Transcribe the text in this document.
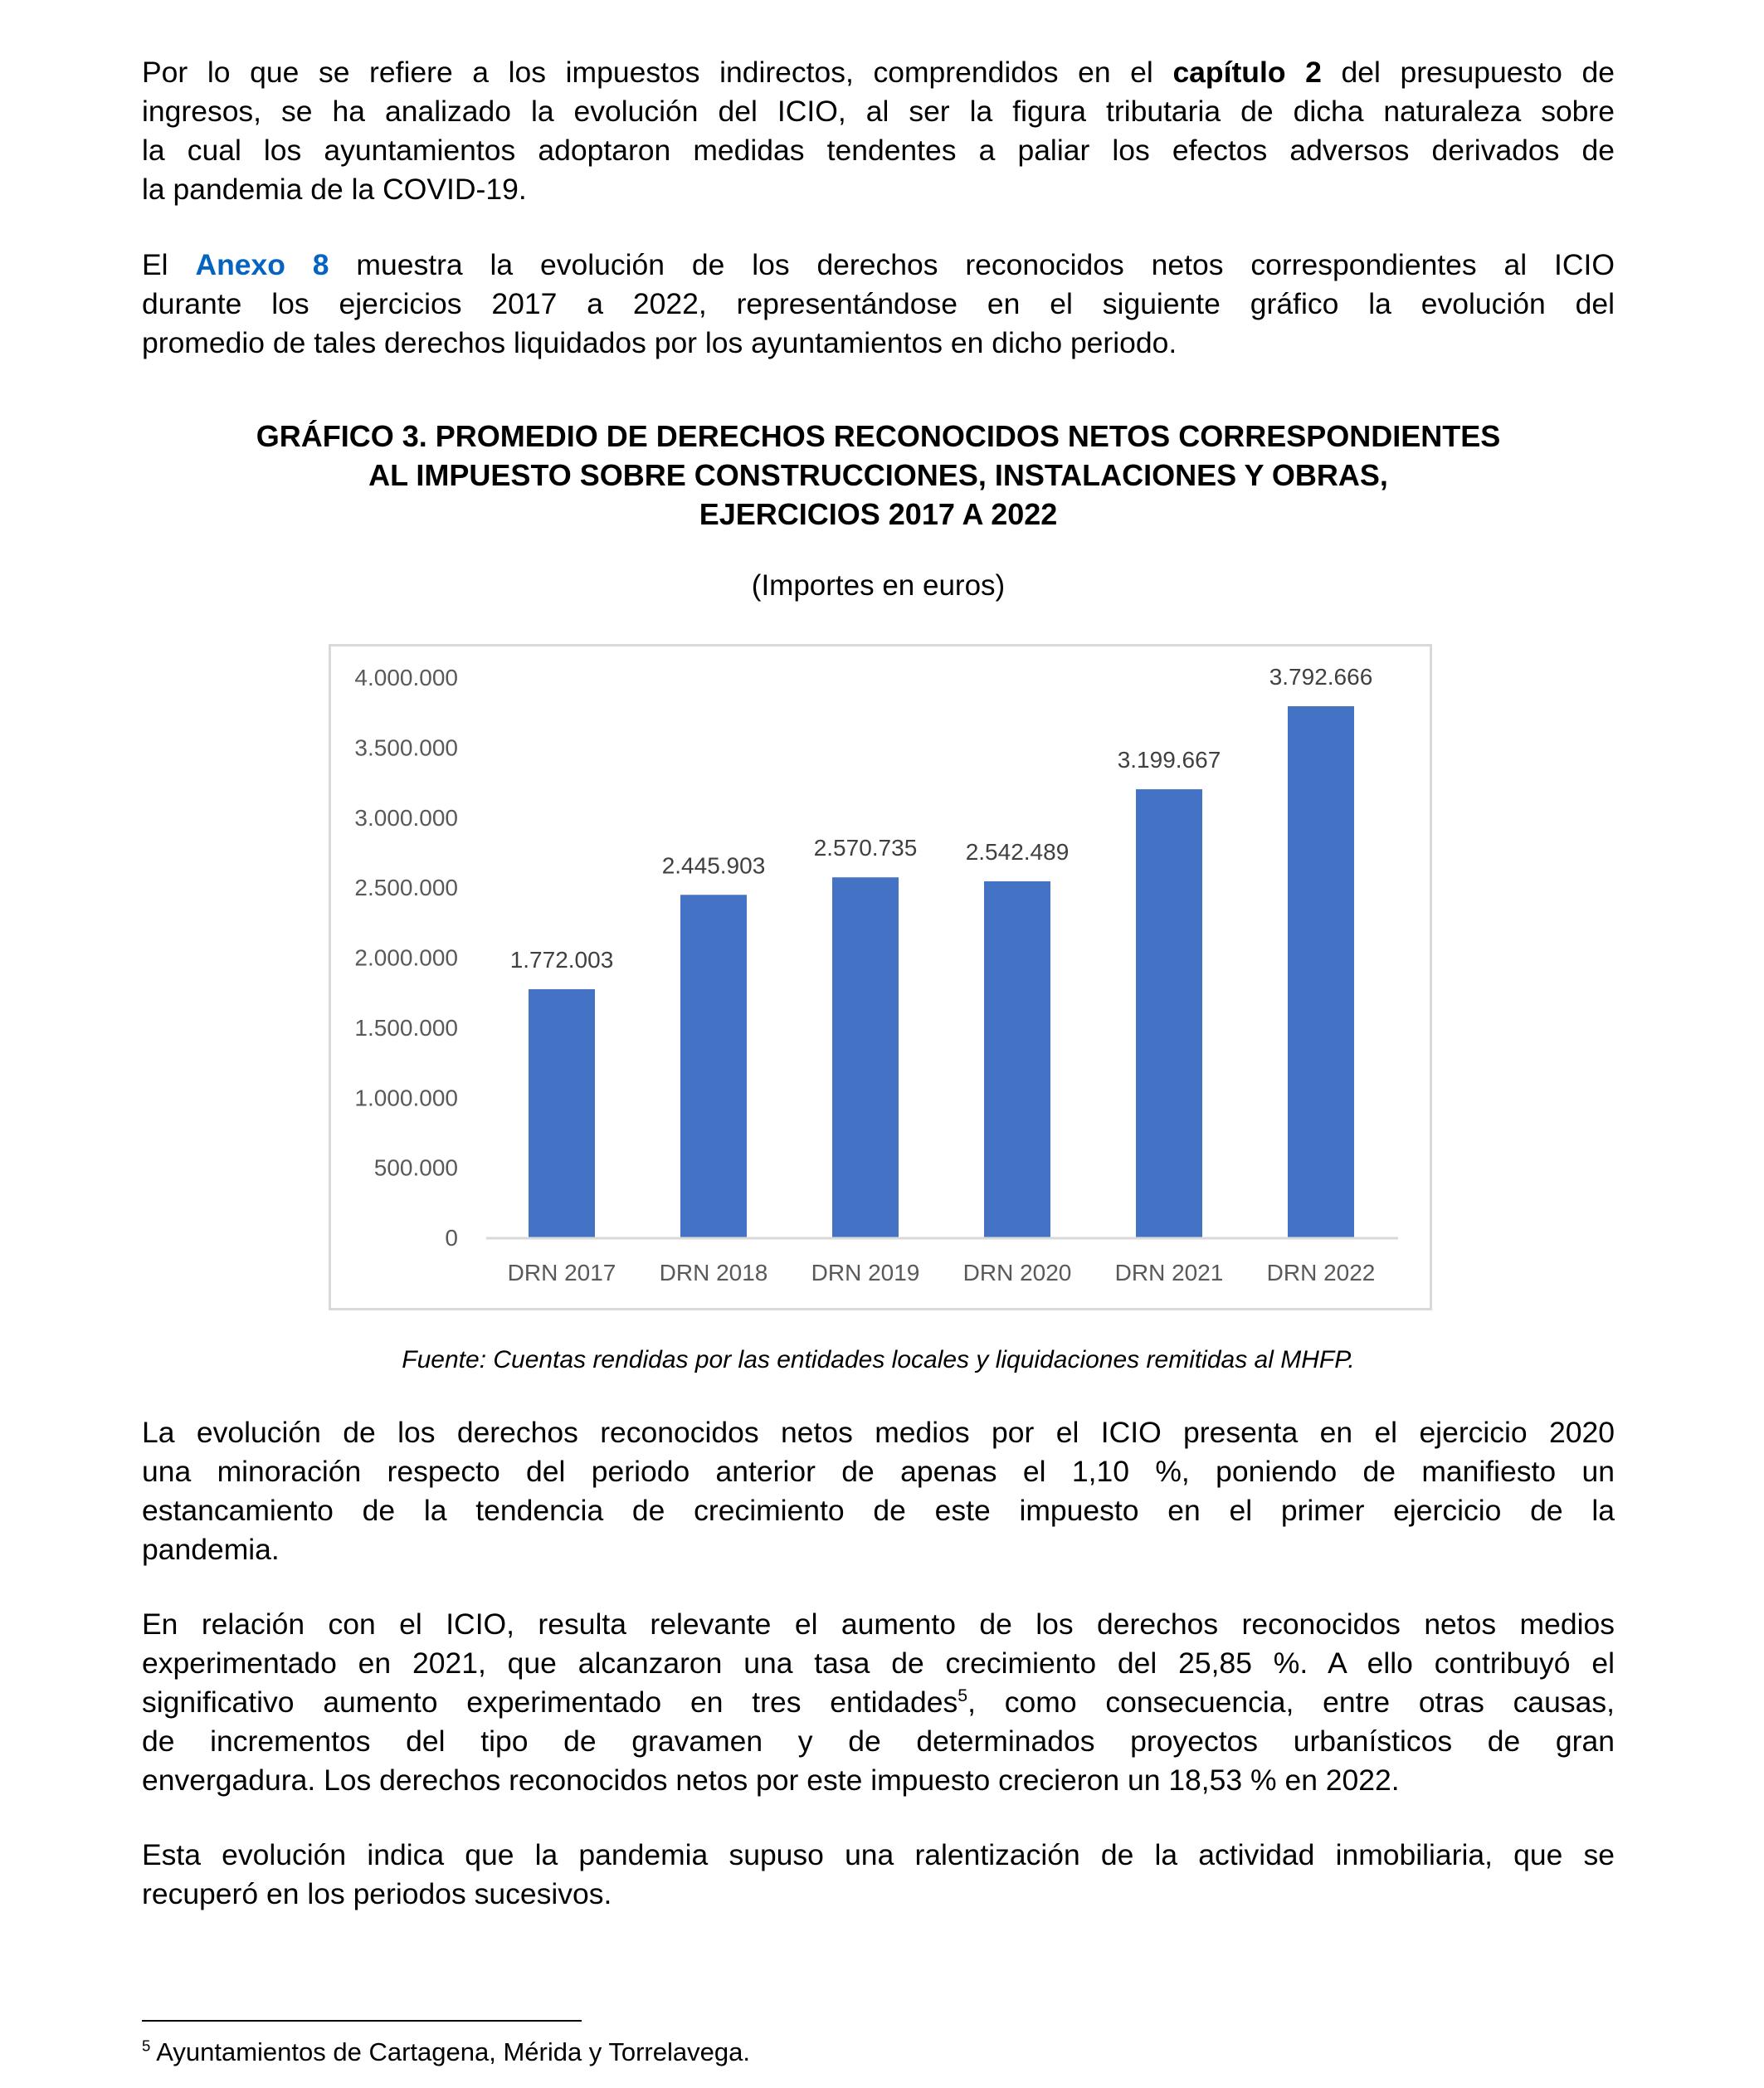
Por lo que se refiere a los impuestos indirectos, comprendidos en el capítulo 2 del presupuesto de
ingresos, se ha analizado la evolución del ICIO, al ser la figura tributaria de dicha naturaleza sobre
la cual los ayuntamientos adoptaron medidas tendentes a paliar los efectos adversos derivados de
la pandemia de la COVID-19.
El Anexo 8 muestra la evolución de los derechos reconocidos netos correspondientes al ICIO
durante los ejercicios 2017 a 2022, representándose en el siguiente gráfico la evolución del
promedio de tales derechos liquidados por los ayuntamientos en dicho periodo.
GRÁFICO 3. PROMEDIO DE DERECHOS RECONOCIDOS NETOS CORRESPONDIENTES
AL IMPUESTO SOBRE CONSTRUCCIONES, INSTALACIONES Y OBRAS,
EJERCICIOS 2017 A 2022
(Importes en euros)
0
500.000
1.000.000
1.500.000
2.000.000
2.500.000
3.000.000
3.500.000
4.000.000
1.772.003
DRN 2017
2.445.903
DRN 2018
2.570.735
DRN 2019
2.542.489
DRN 2020
3.199.667
DRN 2021
3.792.666
DRN 2022
Fuente: Cuentas rendidas por las entidades locales y liquidaciones remitidas al MHFP.
La evolución de los derechos reconocidos netos medios por el ICIO presenta en el ejercicio 2020
una minoración respecto del periodo anterior de apenas el 1,10 %, poniendo de manifiesto un
estancamiento de la tendencia de crecimiento de este impuesto en el primer ejercicio de la
pandemia.
En relación con el ICIO, resulta relevante el aumento de los derechos reconocidos netos medios
experimentado en 2021, que alcanzaron una tasa de crecimiento del 25,85 %. A ello contribuyó el
significativo aumento experimentado en tres entidades$^5$, como consecuencia, entre otras causas,
de incrementos del tipo de gravamen y de determinados proyectos urbanísticos de gran
envergadura. Los derechos reconocidos netos por este impuesto crecieron un 18,53 % en 2022.
Esta evolución indica que la pandemia supuso una ralentización de la actividad inmobiliaria, que se
recuperó en los periodos sucesivos.
$^5$ Ayuntamientos de Cartagena, Mérida y Torrelavega.
